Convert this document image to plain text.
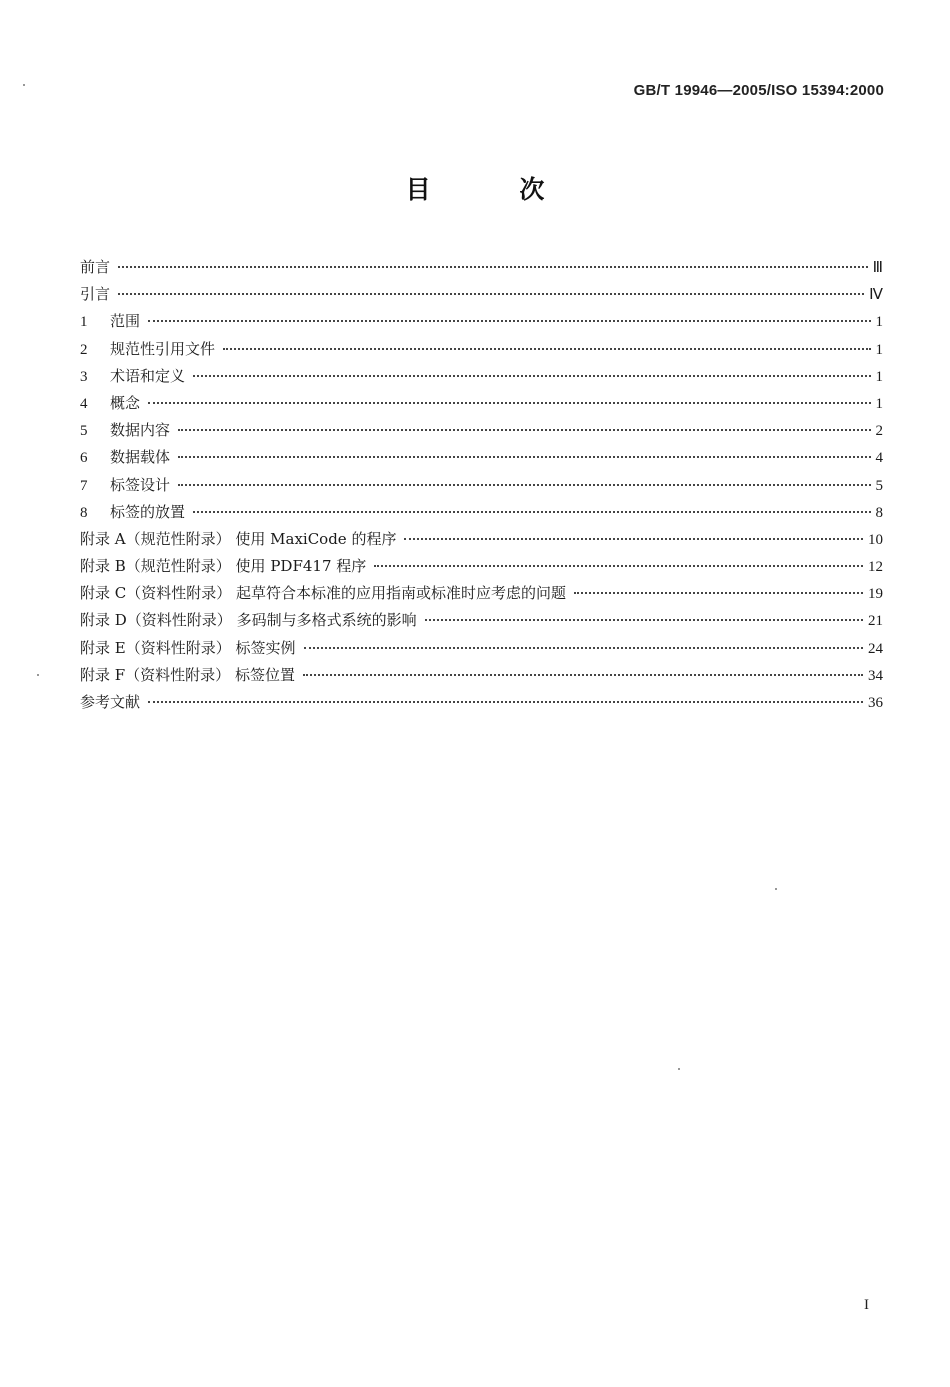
GB/T 19946—2005/ISO 15394:2000
目 次
前言	Ⅲ
引言	Ⅳ
1 范围	1
2 规范性引用文件	1
3 术语和定义	1
4 概念	1
5 数据内容	2
6 数据载体	4
7 标签设计	5
8 标签的放置	8
附录 A（规范性附录） 使用 MaxiCode 的程序	10
附录 B（规范性附录） 使用 PDF417 程序	12
附录 C（资料性附录） 起草符合本标准的应用指南或标准时应考虑的问题	19
附录 D（资料性附录） 多码制与多格式系统的影响	21
附录 E（资料性附录） 标签实例	24
附录 F（资料性附录） 标签位置	34
参考文献	36
I
